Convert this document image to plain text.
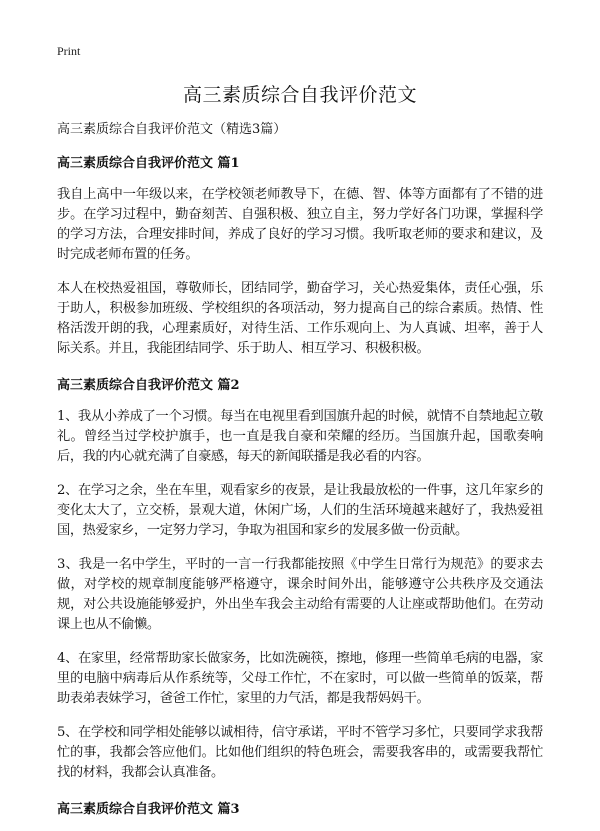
Print
高三素质综合自我评价范文
高三素质综合自我评价范文（精选3篇）
高三素质综合自我评价范文 篇1

我自上高中一年级以来，在学校领老师教导下，在德、智、体等方面都有了不错的进步。在学习过程中，勤奋刻苦、自强积极、独立自主，努力学好各门功课，掌握科学的学习方法，合理安排时间，养成了良好的学习习惯。我听取老师的要求和建议，及时完成老师布置的任务。

本人在校热爱祖国，尊敬师长，团结同学，勤奋学习，关心热爱集体，责任心强，乐于助人，积极参加班级、学校组织的各项活动，努力提高自己的综合素质。热情、性格活泼开朗的我，心理素质好，对待生活、工作乐观向上、为人真诚、坦率，善于人际关系。并且，我能团结同学、乐于助人、相互学习、积极积极。

高三素质综合自我评价范文 篇2

1、我从小养成了一个习惯。每当在电视里看到国旗升起的时候，就情不自禁地起立敬礼。曾经当过学校护旗手，也一直是我自豪和荣耀的经历。当国旗升起，国歌奏响后，我的内心就充满了自豪感，每天的新闻联播是我必看的内容。

2、在学习之余，坐在车里，观看家乡的夜景，是让我最放松的一件事，这几年家乡的变化太大了，立交桥，景观大道，休闲广场，人们的生活环境越来越好了，我热爱祖国，热爱家乡，一定努力学习，争取为祖国和家乡的发展多做一份贡献。

3、我是一名中学生，平时的一言一行我都能按照《中学生日常行为规范》的要求去做，对学校的规章制度能够严格遵守，课余时间外出，能够遵守公共秩序及交通法规，对公共设施能够爱护，外出坐车我会主动给有需要的人让座或帮助他们。在劳动课上也从不偷懒。

4、在家里，经常帮助家长做家务，比如洗碗筷，擦地，修理一些简单毛病的电器，家里的电脑中病毒后从作系统等，父母工作忙，不在家时，可以做一些简单的饭菜，帮助表弟表妹学习，爸爸工作忙，家里的力气活，都是我帮妈妈干。

5、在学校和同学相处能够以诚相待，信守承诺，平时不管学习多忙，只要同学求我帮忙的事，我都会答应他们。比如他们组织的特色班会，需要我客串的，或需要我帮忙找的材料，我都会认真准备。

高三素质综合自我评价范文 篇3
